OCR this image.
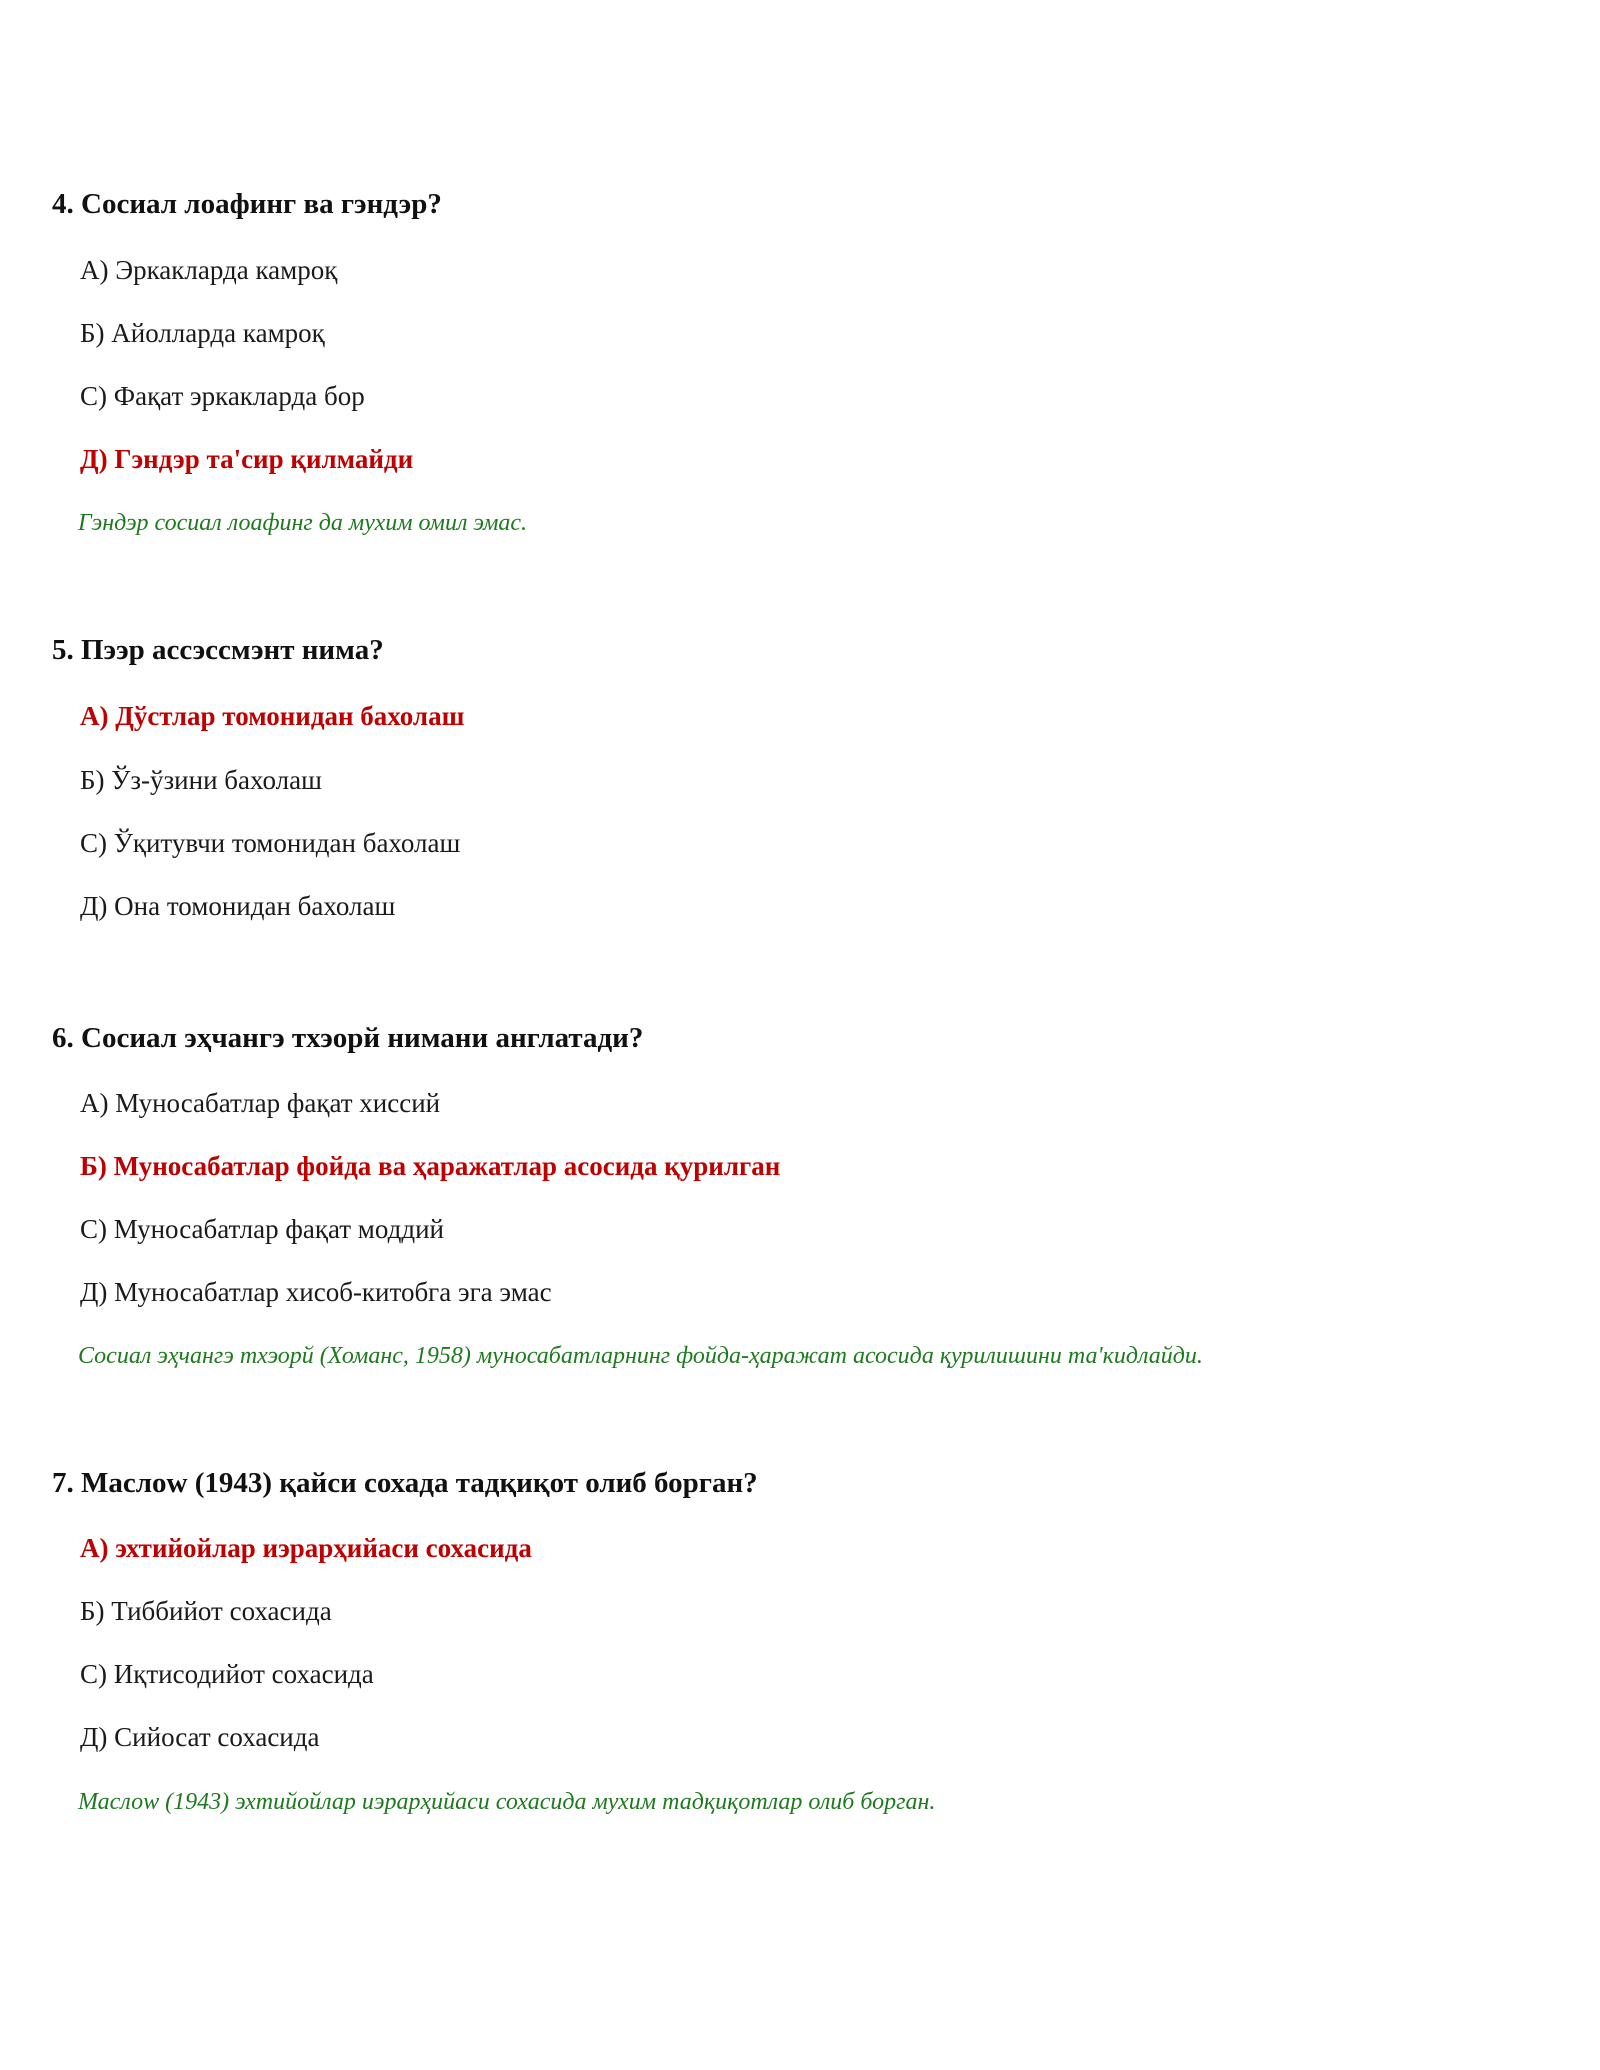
4. Сосиал лоафинг ва гэндэр?
А) Эркакларда камроқ
Б) Айолларда камроқ
С) Фақат эркакларда бор
Д) Гэндэр та'сир қилмайди
Гэндэр сосиал лоафинг да мухим омил эмас.
5. Пээр ассэссмэнт нима?
А) Дўстлар томонидан бахолаш
Б) Ўз-ўзини бахолаш
С) Ўқитувчи томонидан бахолаш
Д) Она томонидан бахолаш
6. Сосиал эҳчангэ тхэорй нимани англатади?
А) Муносабатлар фақат хиссий
Б) Муносабатлар фойда ва ҳаражатлар асосида қурилган
С) Муносабатлар фақат моддий
Д) Муносабатлар хисоб-китобга эга эмас
Сосиал эҳчангэ тхэорй (Хоманс, 1958) муносабатларнинг фойда-ҳаражат асосида қурилишини та'кидлайди.
7. Маслоw (1943) қайси сохада тадқиқот олиб борган?
А) эхтийойлар иэрарҳийаси сохасида
Б) Тиббийот сохасида
С) Иқтисодийот сохасида
Д) Сийосат сохасида
Маслоw (1943) эхтийойлар иэрарҳийаси сохасида мухим тадқиқотлар олиб борган.
